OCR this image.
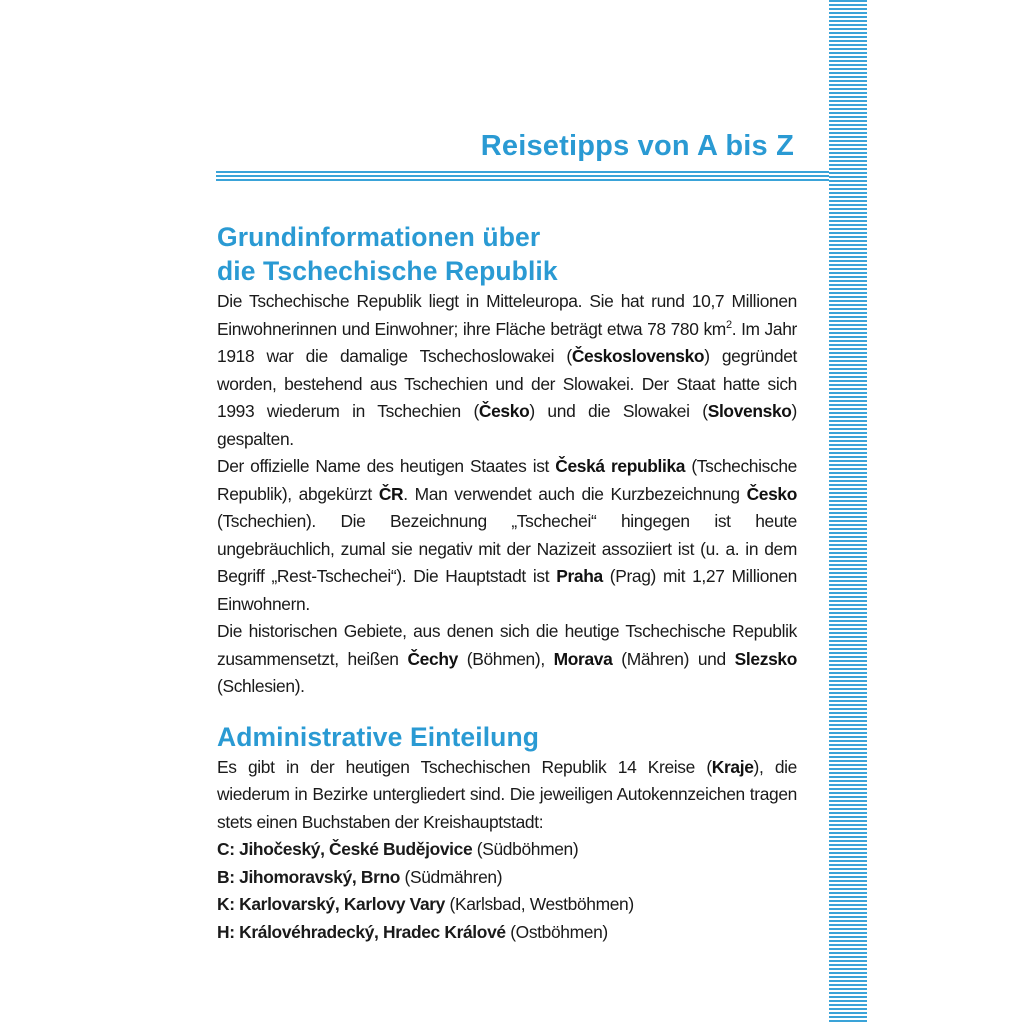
Reisetipps von A bis Z
Grundinformationen über
die Tschechische Republik

Die Tschechische Republik liegt in Mitteleuropa. Sie hat rund 10,7 Millionen Einwohnerinnen und Einwohner; ihre Fläche beträgt etwa 78 780 $km^2$. Im Jahr 1918 war die damalige Tschechoslowakei (Československo) gegründet worden, bestehend aus Tschechien und der Slowakei. Der Staat hatte sich 1993 wiederum in Tschechien (Česko) und die Slowakei (Slovensko) gespalten.

Der offizielle Name des heutigen Staates ist Česká republika (Tschechische Republik), abgekürzt ČR. Man verwendet auch die Kurzbezeichnung Česko (Tschechien). Die Bezeichnung „Tschechei“ hingegen ist heute ungebräuchlich, zumal sie negativ mit der Nazizeit assoziiert ist (u. a. in dem Begriff „Rest-Tschechei“). Die Hauptstadt ist Praha (Prag) mit 1,27 Millionen Einwohnern.

Die historischen Gebiete, aus denen sich die heutige Tschechische Republik zusammensetzt, heißen Čechy (Böhmen), Morava (Mähren) und Slezsko (Schlesien).

Administrative Einteilung

Es gibt in der heutigen Tschechischen Republik 14 Kreise (Kraje), die wiederum in Bezirke untergliedert sind. Die jeweiligen Autokennzeichen tragen stets einen Buchstaben der Kreishauptstadt:

C: Jihočeský, České Budějovice (Südböhmen)
B: Jihomoravský, Brno (Südmähren)
K: Karlovarský, Karlovy Vary (Karlsbad, Westböhmen)
H: Královéhradecký, Hradec Králové (Ostböhmen)
